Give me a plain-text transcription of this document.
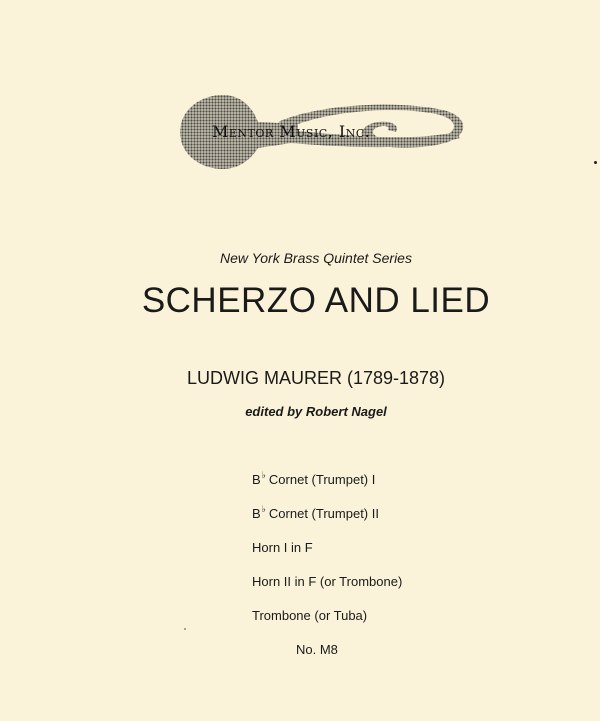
Mentor Music, Inc.
New York Brass Quintet Series
SCHERZO AND LIED
LUDWIG MAURER (1789-1878)
edited by Robert Nagel
B♭ Cornet (Trumpet) I
B♭ Cornet (Trumpet) II
Horn I in F
Horn II in F (or Trombone)
Trombone (or Tuba)
No. M8
